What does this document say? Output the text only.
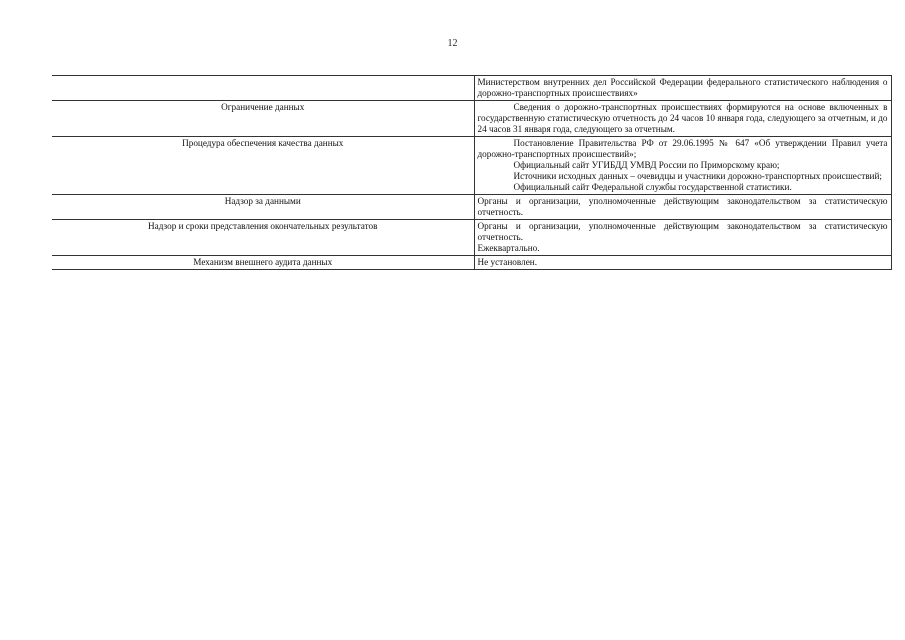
12

	Министерством внутренних дел Российской Федерации федерального статистического наблюдения о дорожно-транспортных происшествиях»

Ограничение данных	Сведения о дорожно-транспортных происшествиях формируются на основе включенных в государственную статистическую отчетность до 24 часов 10 января года, следующего за отчетным, и до 24 часов 31 января года, следующего за отчетным.

Процедура обеспечения качества данных	Постановление Правительства РФ от 29.06.1995 № 647 «Об утверждении Правил учета дорожно-транспортных происшествий»;
Официальный сайт УГИБДД УМВД России по Приморскому краю;
Источники исходных данных – очевидцы и участники дорожно-транспортных происшествий;
Официальный сайт Федеральной службы государственной статистики.

Надзор за данными	Органы и организации, уполномоченные действующим законодательством за статистическую отчетность.

Надзор и сроки представления окончательных результатов	Органы и организации, уполномоченные действующим законодательством за статистическую отчетность.
Ежеквартально.

Механизм внешнего аудита данных	Не установлен.
